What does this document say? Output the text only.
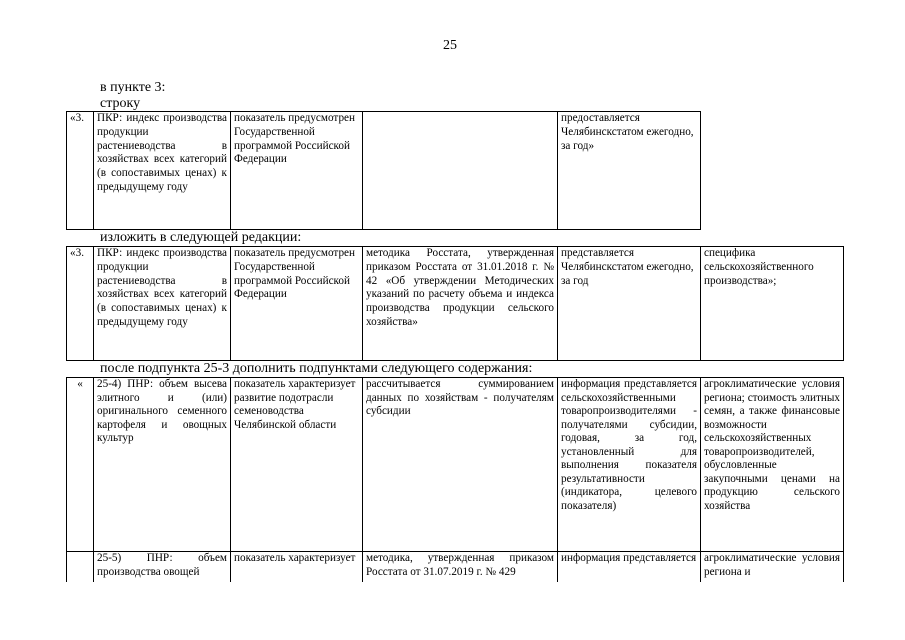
25
в пункте 3:
строку
«3.	ПКР: индекс производства продукции растениеводства в хозяйствах всех категорий (в сопоставимых ценах) к предыдущему году	показатель предусмотрен Государственной программой Российской Федерации		предоставляется Челябинскстатом ежегодно, за год»
изложить в следующей редакции:
«3.	ПКР: индекс производства продукции растениеводства в хозяйствах всех категорий (в сопоставимых ценах) к предыдущему году	показатель предусмотрен Государственной программой Российской Федерации	методика Росстата, утвержденная приказом Росстата от 31.01.2018 г. № 42 «Об утверждении Методических указаний по расчету объема и индекса производства продукции сельского хозяйства»	представляется Челябинскстатом ежегодно, за год	специфика сельскохозяйственного производства»;
после подпункта 25-3 дополнить подпунктами следующего содержания:
«	25-4) ПНР: объем высева элитного и (или) оригинального семенного картофеля и овощных культур	показатель характеризует развитие подотрасли семеноводства Челябинской области	рассчитывается суммированием данных по хозяйствам - получателям субсидии	информация представляется сельскохозяйственными товаропроизводителями - получателями субсидии, годовая, за год, установленный для выполнения показателя результативности (индикатора, целевого показателя)	агроклиматические условия региона; стоимость элитных семян, а также финансовые возможности сельскохозяйственных товаропроизводителей, обусловленные закупочными ценами на продукцию сельского хозяйства
	25-5) ПНР: объем производства овощей	показатель характеризует	методика, утвержденная приказом Росстата от 31.07.2019 г. № 429	информация представляется	агроклиматические условия региона и
